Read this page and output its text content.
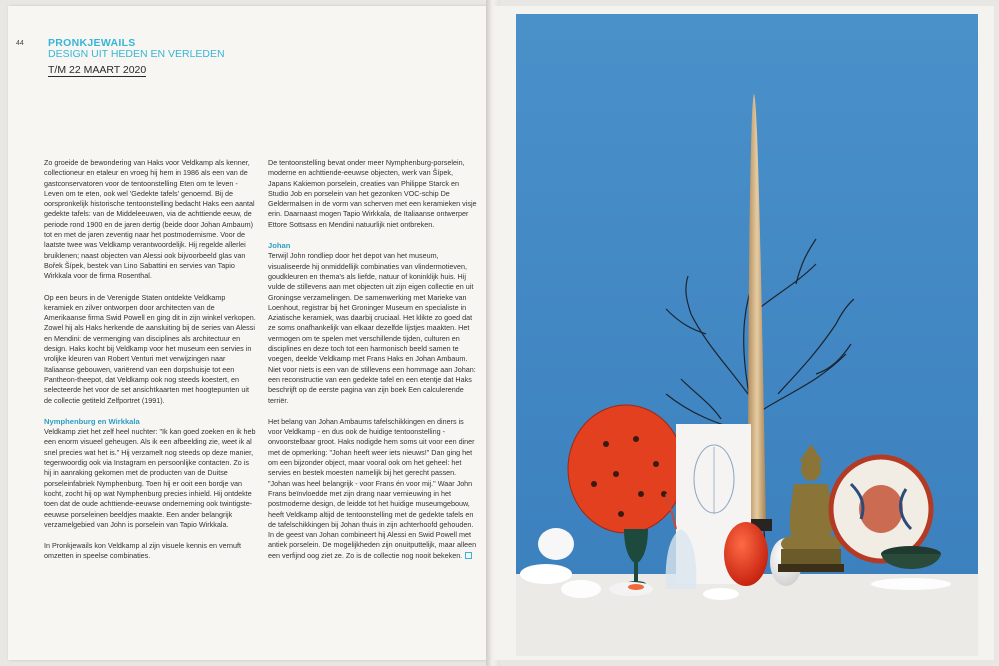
44 PRONKJEWAILS
DESIGN UIT HEDEN EN VERLEDEN
T/M 22 MAART 2020

Zo groeide de bewondering van Haks voor Veldkamp als kenner, collectioneur en etaleur en vroeg hij hem in 1986 als een van de gastconservatoren voor de tentoonstelling Eten om te leven - Leven om te eten, ook wel 'Gedekte tafels' genoemd. Bij de oorspronkelijk historische tentoonstelling bedacht Haks een aantal gedekte tafels: van de Middeleeuwen, via de achttiende eeuw, de periode rond 1900 en de jaren dertig (beide door Johan Ambaum) tot en met de jaren zeventig naar het postmodernisme. Voor de laatste twee was Veldkamp verantwoordelijk. Hij regelde allerlei bruiklenen; naast objecten van Alessi ook bijvoorbeeld glas van Bořek Šípek, bestek van Lino Sabattini en servies van Tapio Wirkkala voor de firma Rosenthal.

Op een beurs in de Verenigde Staten ontdekte Veldkamp keramiek en zilver ontworpen door architecten van de Amerikaanse firma Swid Powell en ging dit in zijn winkel verkopen. Zowel hij als Haks herkende de aansluiting bij de series van Alessi en Mendini: de vermenging van disciplines als architectuur en design. Haks kocht bij Veldkamp voor het museum een servies in vrolijke kleuren van Robert Venturi met verwijzingen naar Italiaanse gebouwen, variërend van een dorpshuisje tot een Pantheon-theepot, dat Veldkamp ook nog steeds koestert, en selecteerde het voor de set ansichtkaarten met hoogtepunten uit de collectie getiteld Zelfportret (1991).

Nymphenburg en Wirkkala

Veldkamp ziet het zelf heel nuchter: "Ik kan goed zoeken en ik heb een enorm visueel geheugen. Als ik een afbeelding zie, weet ik al snel precies wat het is." Hij verzamelt nog steeds op deze manier, tegenwoordig ook via Instagram en persoonlijke contacten. Zo is hij in aanraking gekomen met de producten van de Duitse porseleinfabriek Nymphenburg. Toen hij er ooit een bordje van kocht, zocht hij op wat Nymphenburg precies inhield. Hij ontdekte toen dat de oude achttiende-eeuwse onderneming ook twintigste-eeuwse porseleinen beeldjes maakte. Een ander belangrijk verzamelgebied van John is porselein van Tapio Wirkkala.

In Pronkjewails kon Veldkamp al zijn visuele kennis en vernuft omzetten in speelse combinaties.

De tentoonstelling bevat onder meer Nymphenburg-porselein, moderne en achttiende-eeuwse objecten, werk van Šípek, Japans Kakiemon porselein, creaties van Philippe Starck en Studio Job en porselein van het gezonken VOC-schip De Geldermalsen in de vorm van scherven met een keramieken visje erin. Daarnaast mogen Tapio Wirkkala, de Italiaanse ontwerper Ettore Sottsass en Mendini natuurlijk niet ontbreken.

Johan

Terwijl John rondliep door het depot van het museum, visualiseerde hij onmiddellijk combinaties van vlindermotieven, goudkleuren en thema's als liefde, natuur of koninklijk huis. Hij vulde de stillevens aan met objecten uit zijn eigen collectie en uit Groningse verzamelingen. De samenwerking met Marieke van Loenhout, registrar bij het Groninger Museum en specialiste in Aziatische keramiek, was daarbij cruciaal. Het klikte zo goed dat ze soms onafhankelijk van elkaar dezelfde lijstjes maakten. Het vermogen om te spelen met verschillende tijden, culturen en disciplines en deze toch tot een harmonisch beeld samen te voegen, deelde Veldkamp met Frans Haks en Johan Ambaum. Niet voor niets is een van de stillevens een hommage aan Johan: een reconstructie van een gedekte tafel en een etentje dat Haks beschrijft op de eerste pagina van zijn boek Een calculerende terriër.

Het belang van Johan Ambaums tafelschikkingen en diners is voor Veldkamp - en dus ook de huidige tentoonstelling - onvoorstelbaar groot. Haks nodigde hem soms uit voor een diner met de opmerking: "Johan heeft weer iets nieuws!" Dan ging het om een bijzonder object, maar vooral ook om het geheel: het servies en bestek moesten namelijk bij het gerecht passen. "Johan was heel belangrijk - voor Frans én voor mij." Waar John Frans beïnvloedde met zijn drang naar vernieuwing in het postmoderne design, de leidde tot het huidige museumgebouw, heeft Veldkamp altijd de tentoonstelling met de gedekte tafels en de tafelschikkingen bij Johan thuis in zijn achterhoofd gehouden. In de geest van Johan combineert hij Alessi en Swid Powell met antiek porselein. De mogelijkheden zijn onuitputtelijk, maar alleen een verfijnd oog ziet ze. Zo is de collectie nog nooit bekeken.
